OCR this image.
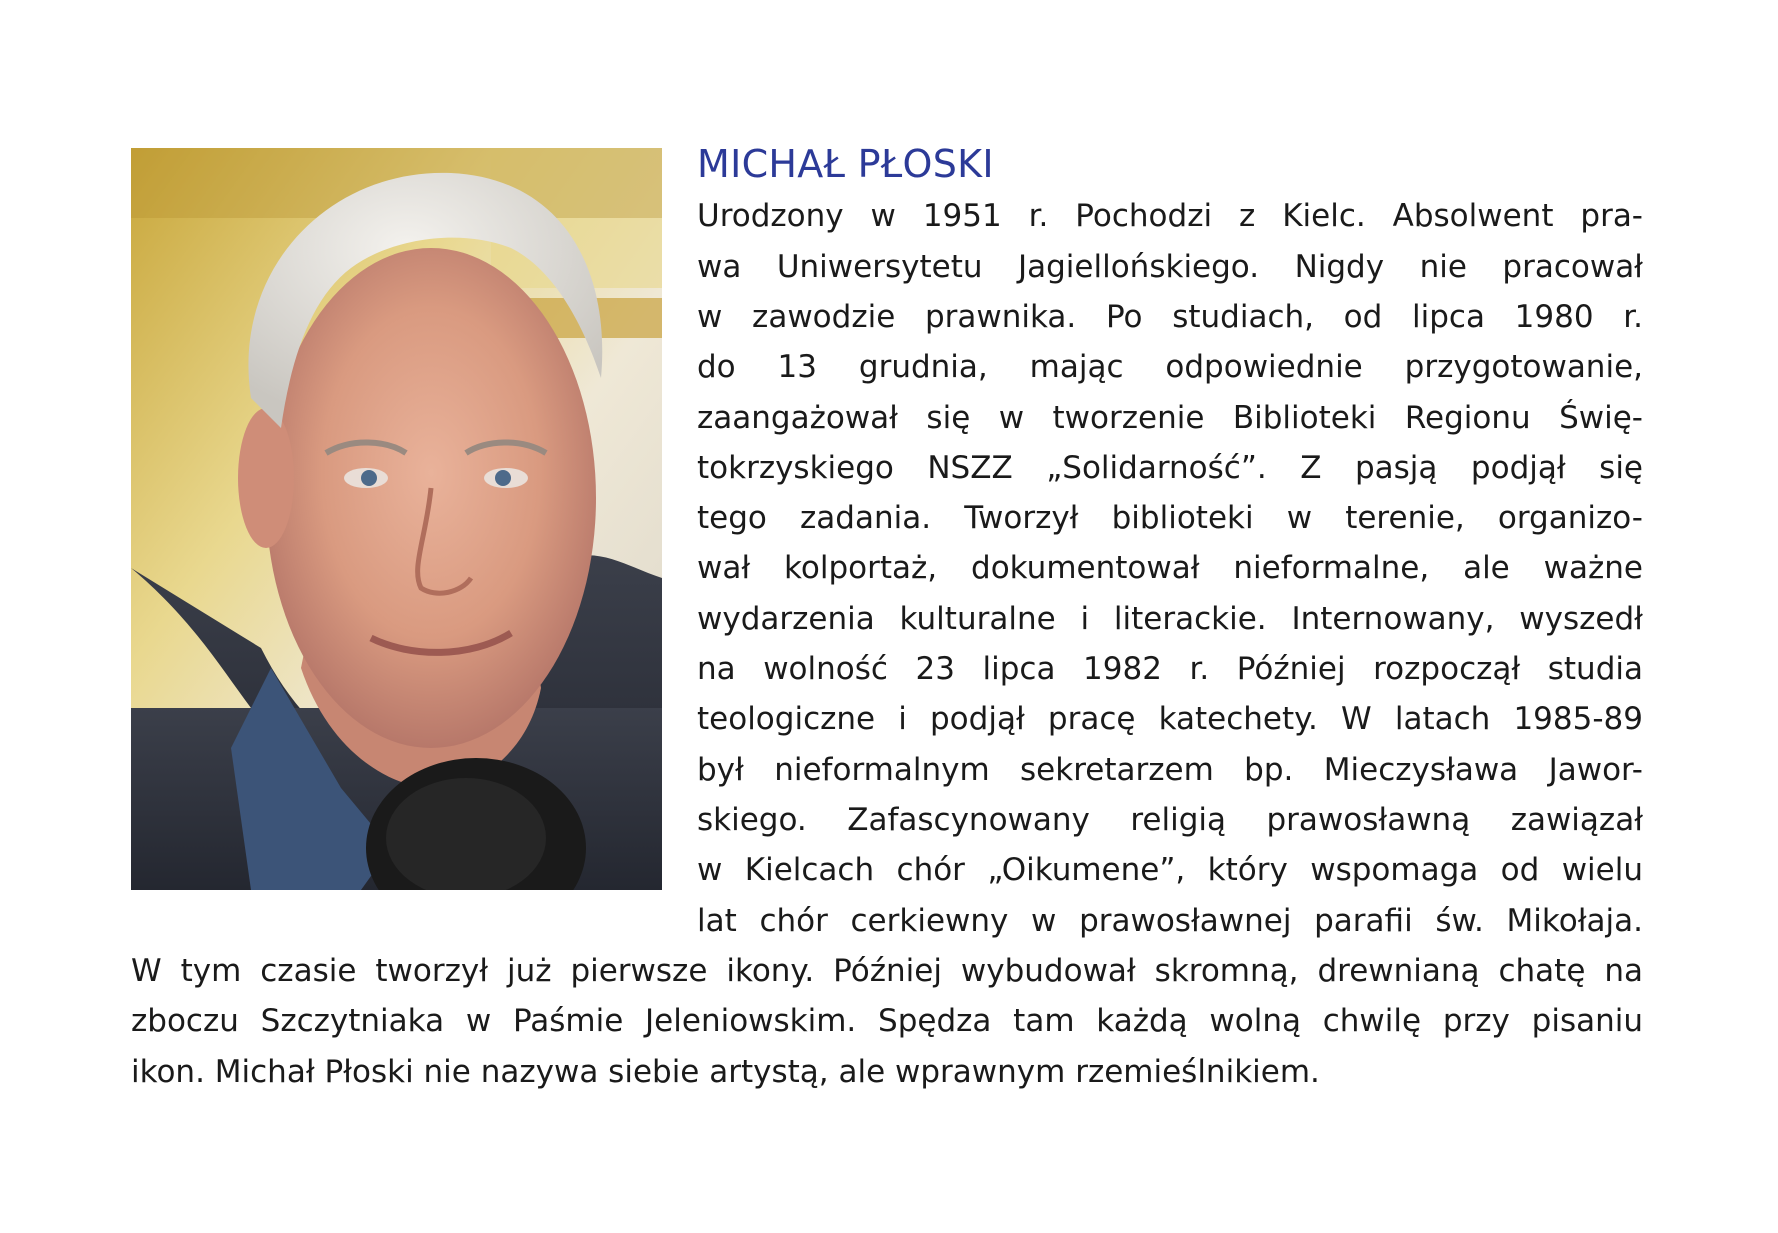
MICHAŁ PŁOSKI
Urodzony w 1951 r. Pochodzi z Kielc. Absolwent pra-
wa Uniwersytetu Jagiellońskiego. Nigdy nie pracował
w zawodzie prawnika. Po studiach, od lipca 1980 r.
do 13 grudnia, mając odpowiednie przygotowanie,
zaangażował się w tworzenie Biblioteki Regionu Świę-
tokrzyskiego NSZZ „Solidarność”. Z pasją podjął się
tego zadania. Tworzył biblioteki w terenie, organizo-
wał kolportaż, dokumentował nieformalne, ale ważne
wydarzenia kulturalne i literackie. Internowany, wyszedł
na wolność 23 lipca 1982 r. Później rozpoczął studia
teologiczne i podjął pracę katechety. W latach 1985-89
był nieformalnym sekretarzem bp. Mieczysława Jawor-
skiego. Zafascynowany religią prawosławną zawiązał
w Kielcach chór „Oikumene”, który wspomaga od wielu
lat chór cerkiewny w prawosławnej parafii św. Mikołaja.
W tym czasie tworzył już pierwsze ikony. Później wybudował skromną, drewnianą chatę na
zboczu Szczytniaka w Paśmie Jeleniowskim. Spędza tam każdą wolną chwilę przy pisaniu
ikon. Michał Płoski nie nazywa siebie artystą, ale wprawnym rzemieślnikiem.
